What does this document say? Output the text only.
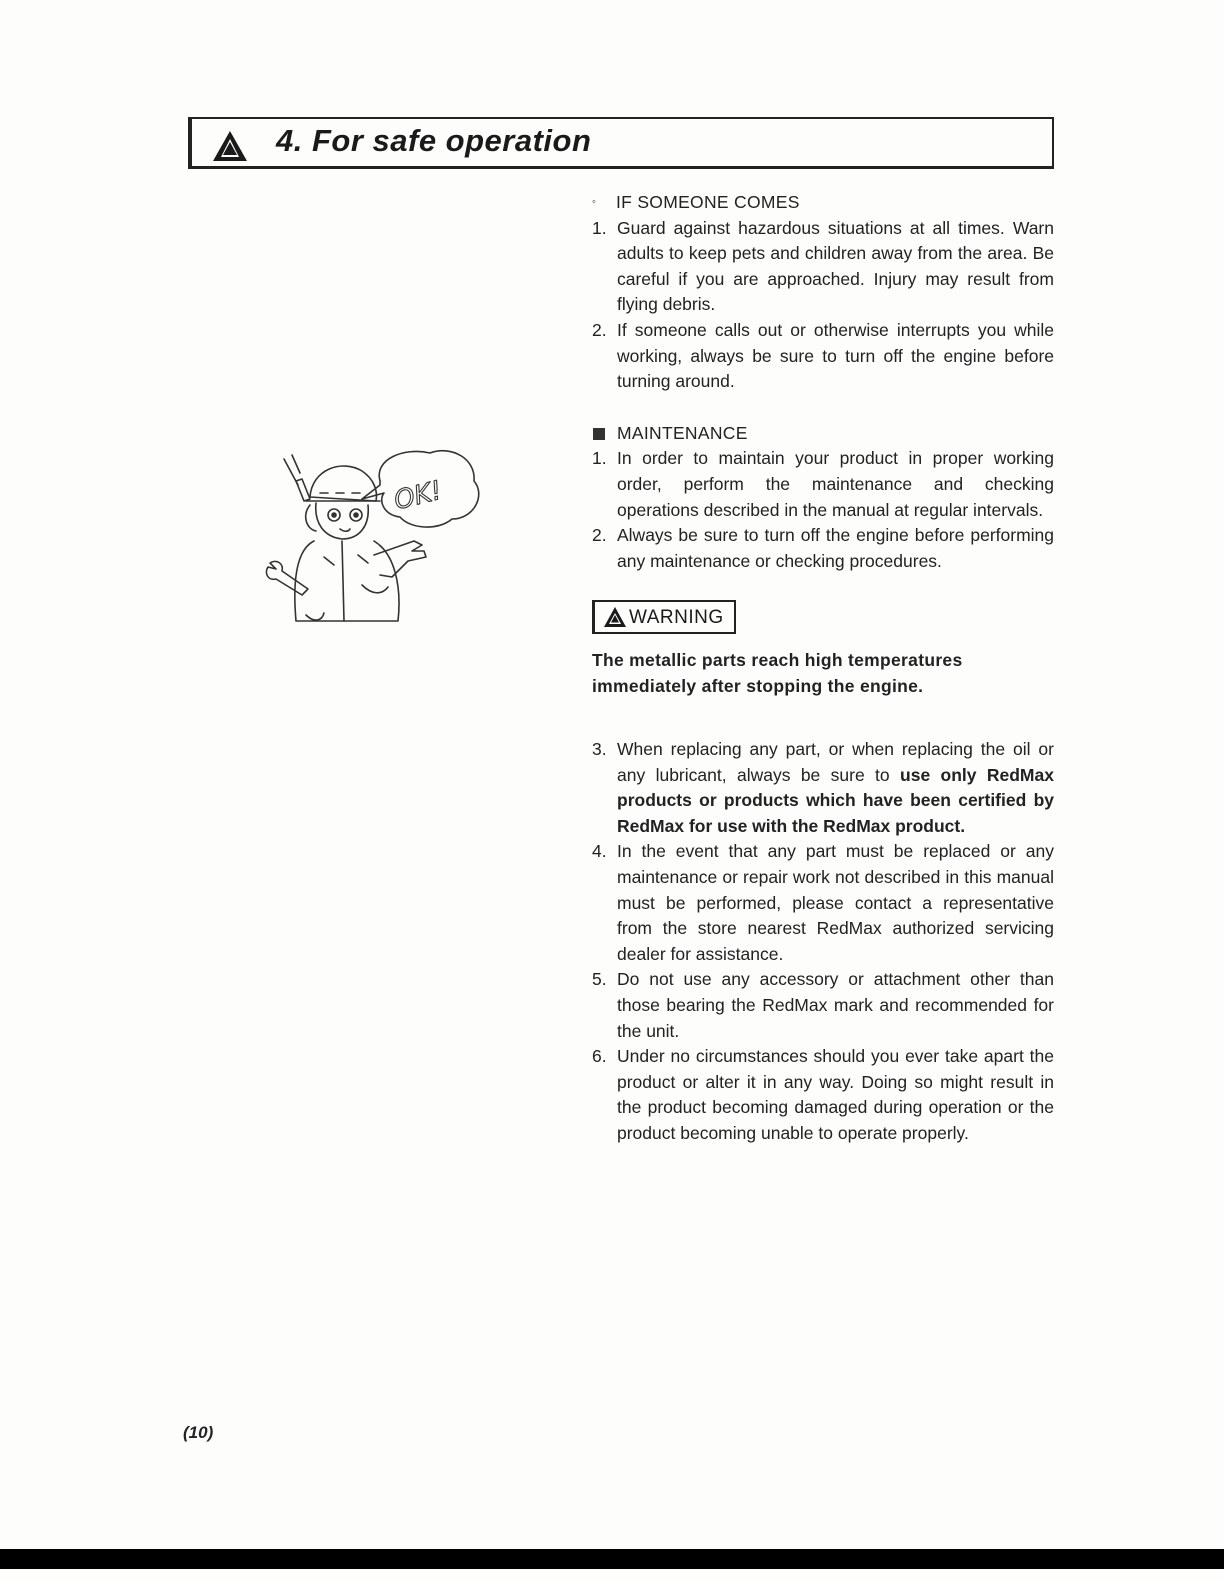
4. For safe operation
OK!
◦	IF SOMEONE COMES
1. Guard against hazardous situations at all times. Warn adults to keep pets and children away from the area. Be careful if you are approached. Injury may result from flying debris.
2. If someone calls out or otherwise interrupts you while working, always be sure to turn off the engine before turning around.
MAINTENANCE
1. In order to maintain your product in proper working order, perform the maintenance and checking operations described in the manual at regular intervals.
2. Always be sure to turn off the engine before performing any maintenance or checking procedures.
WARNING
The metallic parts reach high temperatures immediately after stopping the engine.
3. When replacing any part, or when replacing the oil or any lubricant, always be sure to use only RedMax products or products which have been certified by RedMax for use with the RedMax product.
4. In the event that any part must be replaced or any maintenance or repair work not described in this manual must be performed, please contact a representative from the store nearest RedMax authorized servicing dealer for assistance.
5. Do not use any accessory or attachment other than those bearing the RedMax mark and recommended for the unit.
6. Under no circumstances should you ever take apart the product or alter it in any way. Doing so might result in the product becoming damaged during operation or the product becoming unable to operate properly.
(10)
